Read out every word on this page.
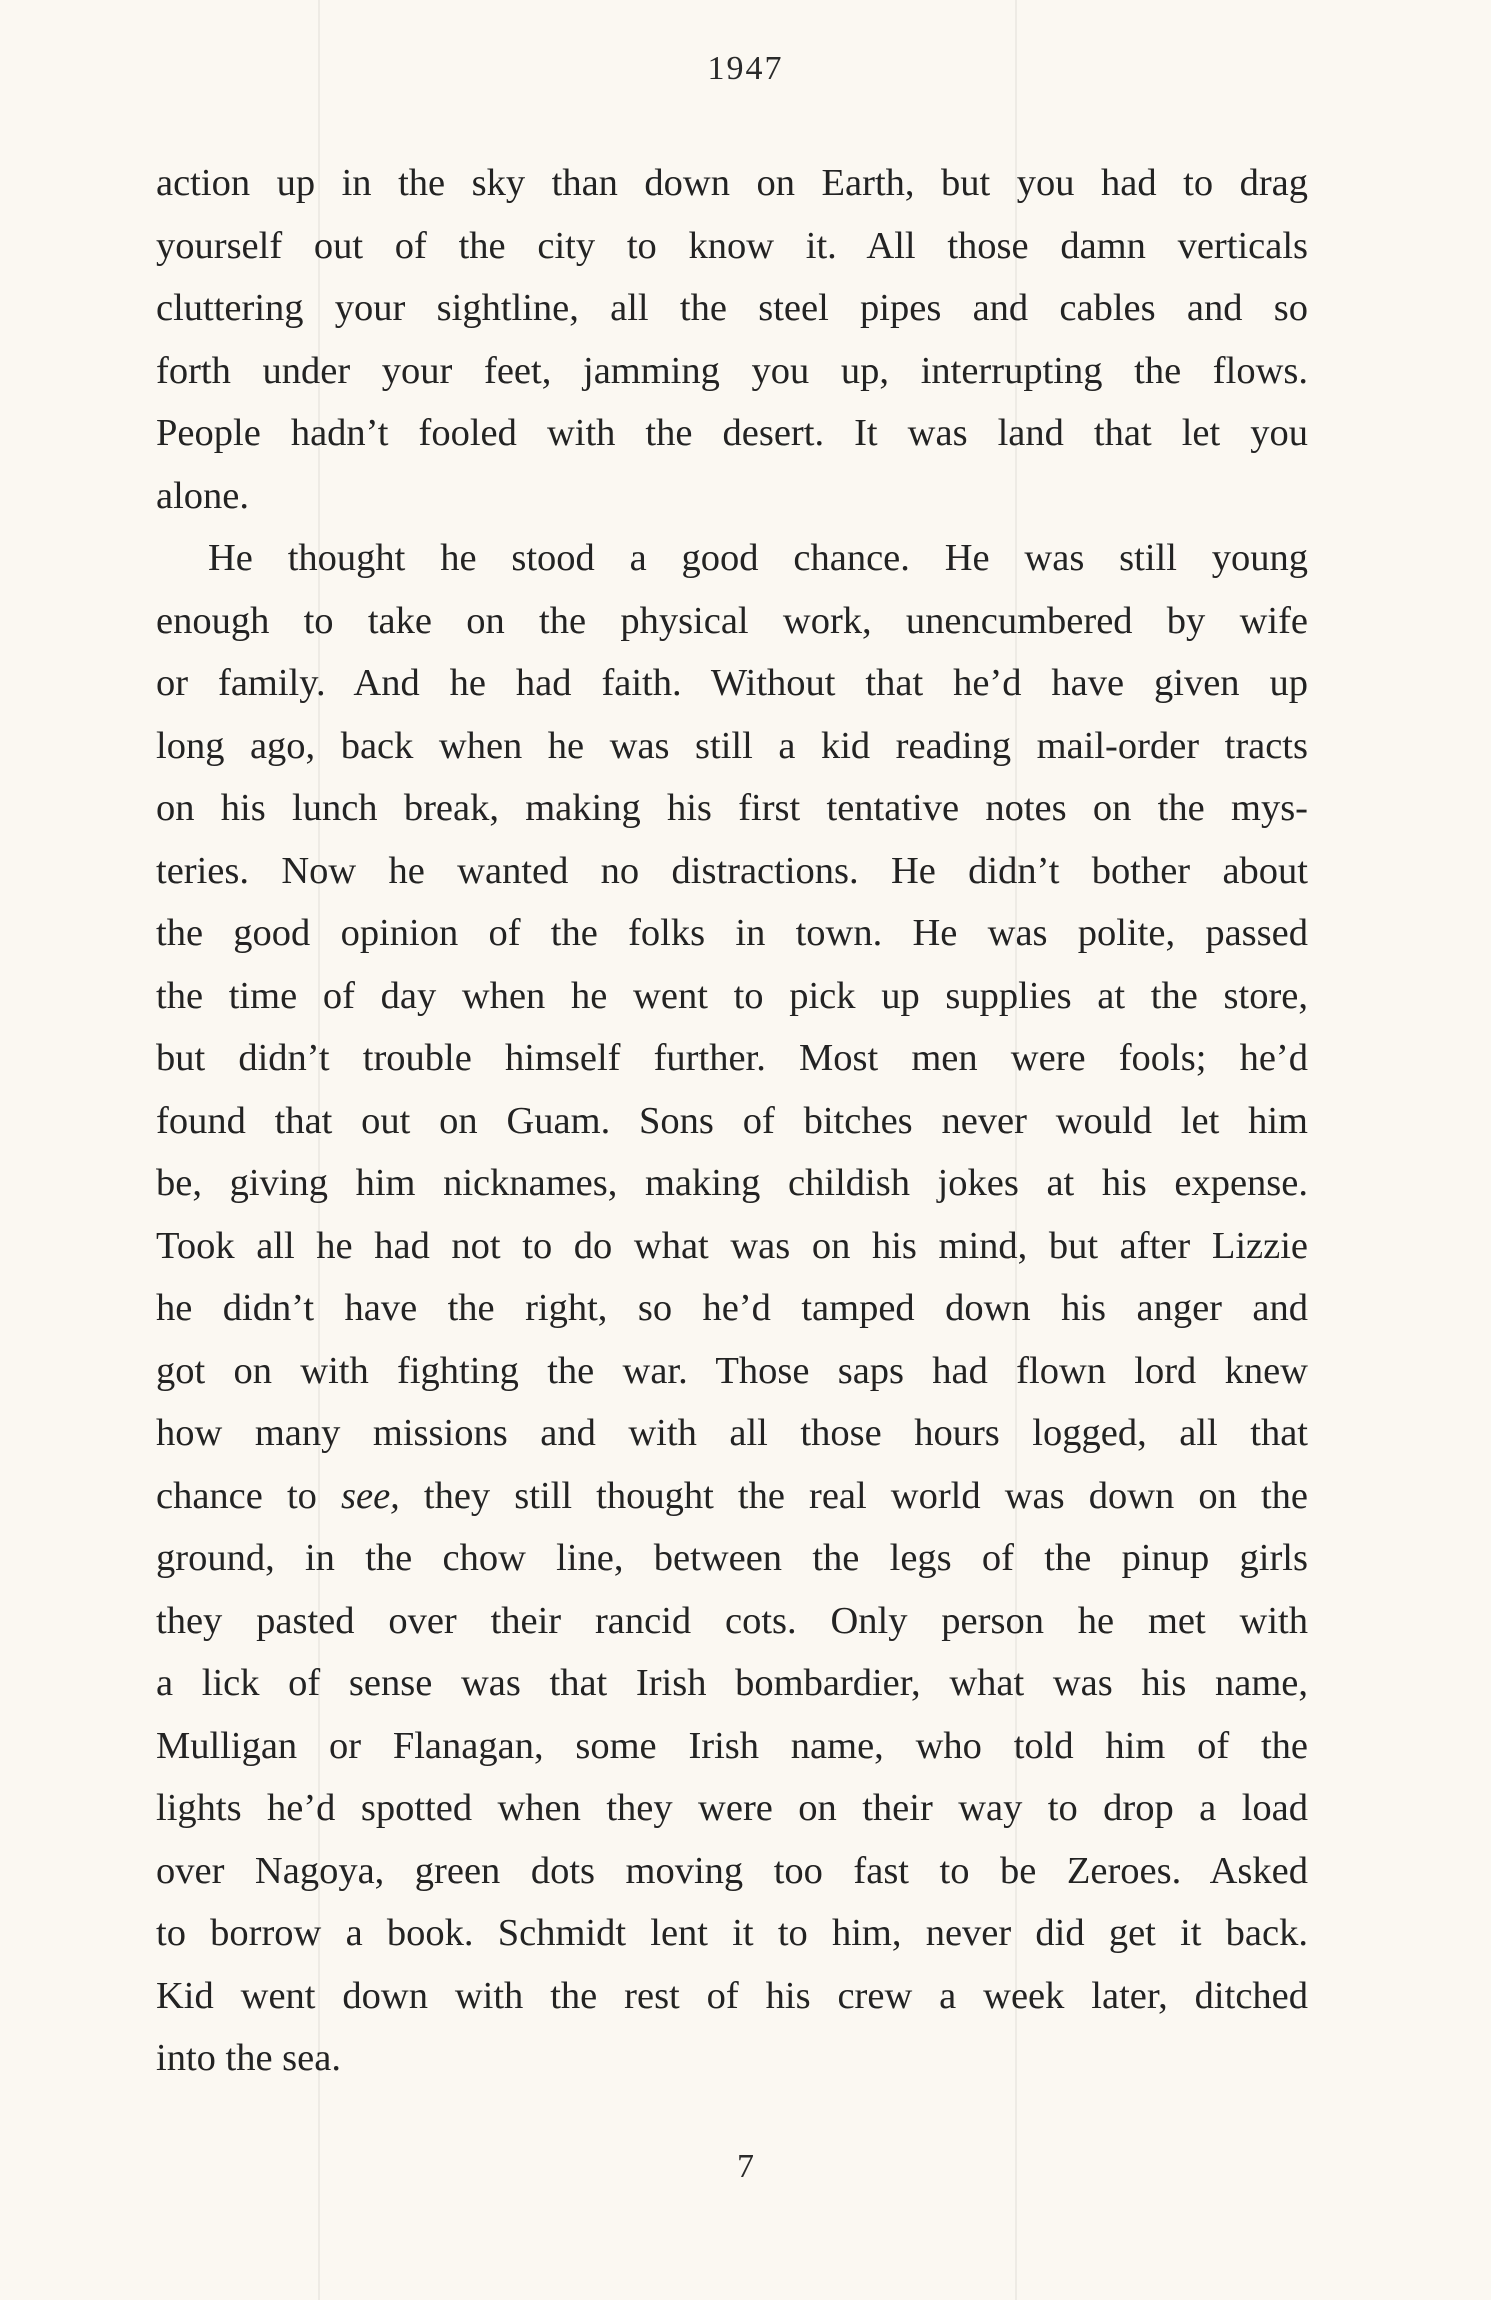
1947

action up in the sky than down on Earth, but you had to drag
yourself out of the city to know it. All those damn verticals
cluttering your sightline, all the steel pipes and cables and so
forth under your feet, jamming you up, interrupting the flows.
People hadn’t fooled with the desert. It was land that let you
alone.

He thought he stood a good chance. He was still young
enough to take on the physical work, unencumbered by wife
or family. And he had faith. Without that he’d have given up
long ago, back when he was still a kid reading mail-order tracts
on his lunch break, making his first tentative notes on the mys-
teries. Now he wanted no distractions. He didn’t bother about
the good opinion of the folks in town. He was polite, passed
the time of day when he went to pick up supplies at the store,
but didn’t trouble himself further. Most men were fools; he’d
found that out on Guam. Sons of bitches never would let him
be, giving him nicknames, making childish jokes at his expense.
Took all he had not to do what was on his mind, but after Lizzie
he didn’t have the right, so he’d tamped down his anger and
got on with fighting the war. Those saps had flown lord knew
how many missions and with all those hours logged, all that
chance to see, they still thought the real world was down on the
ground, in the chow line, between the legs of the pinup girls
they pasted over their rancid cots. Only person he met with
a lick of sense was that Irish bombardier, what was his name,
Mulligan or Flanagan, some Irish name, who told him of the
lights he’d spotted when they were on their way to drop a load
over Nagoya, green dots moving too fast to be Zeroes. Asked
to borrow a book. Schmidt lent it to him, never did get it back.
Kid went down with the rest of his crew a week later, ditched
into the sea.

7
